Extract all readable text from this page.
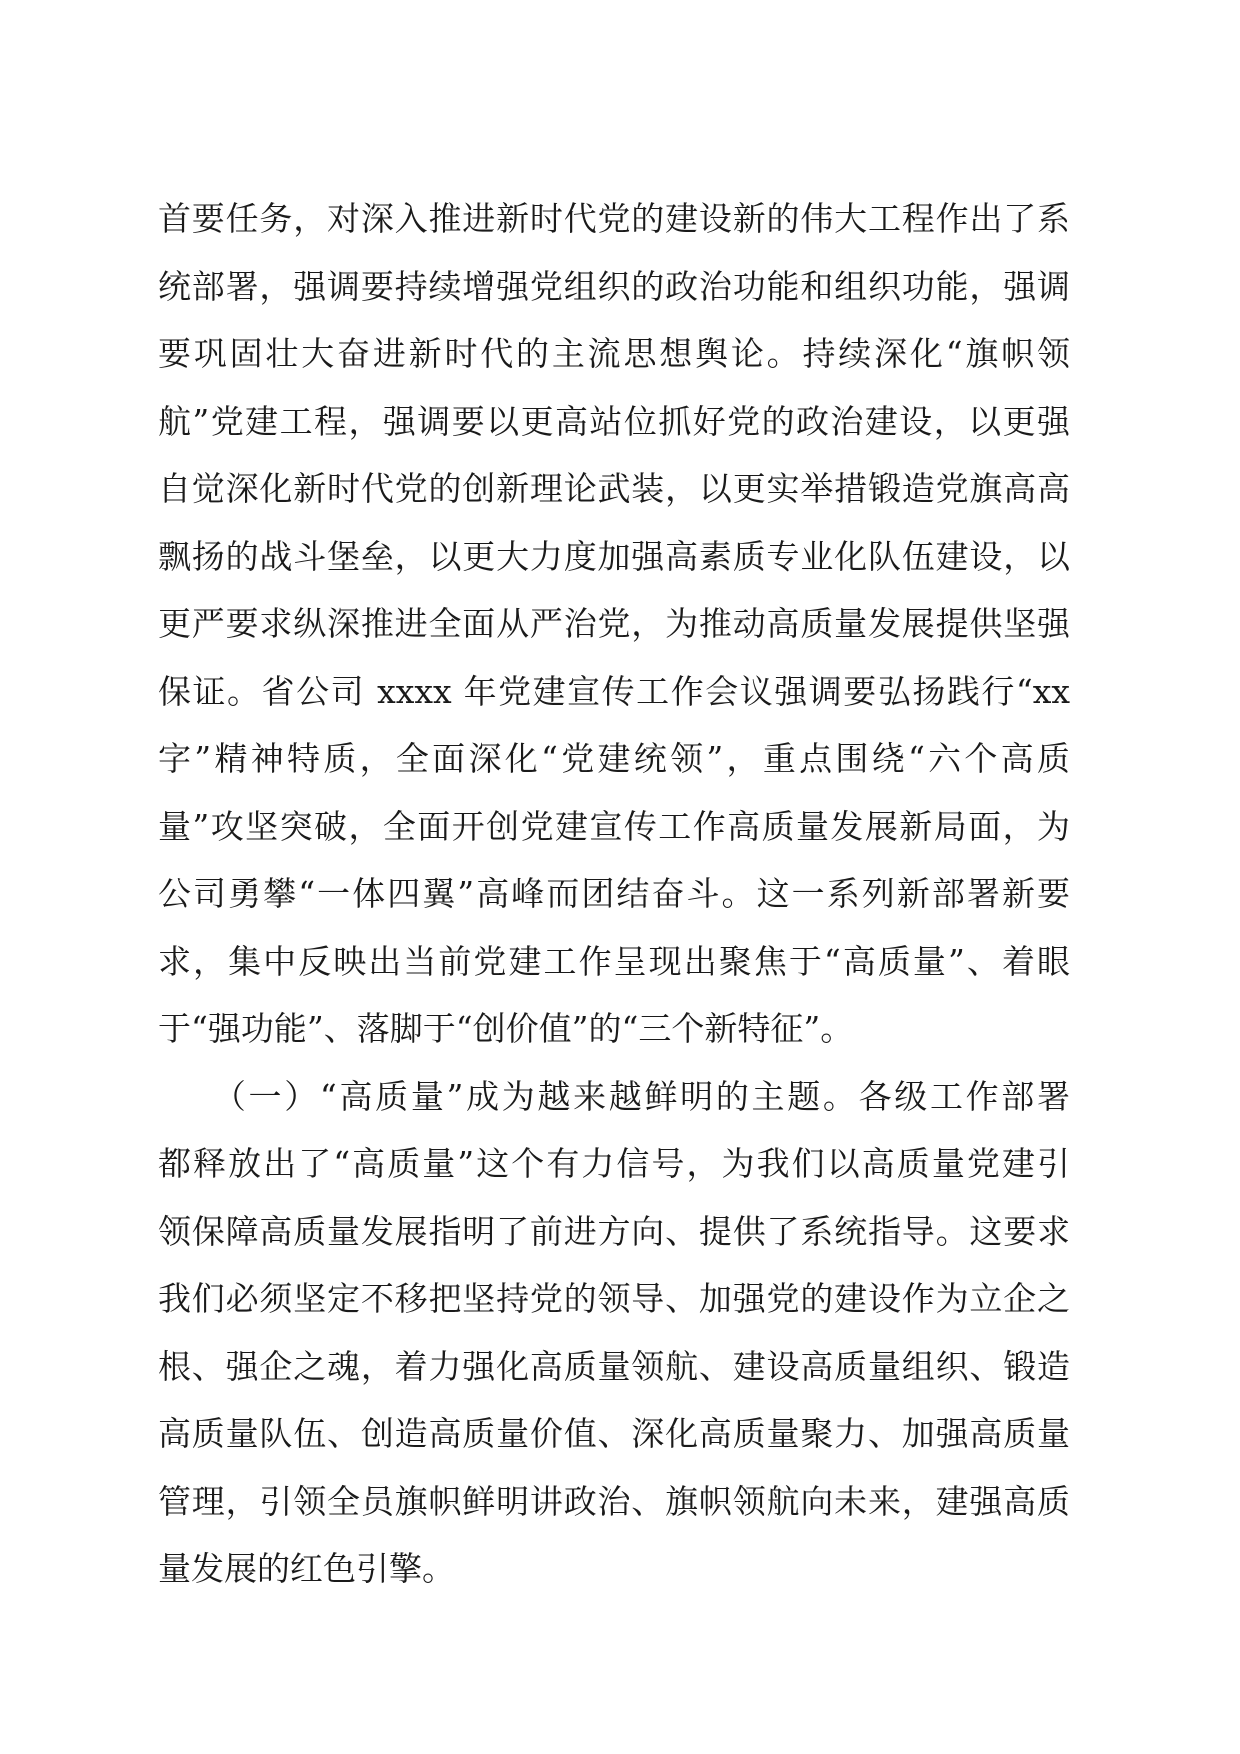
首要任务，对深入推进新时代党的建设新的伟大工程作出了系
统部署，强调要持续增强党组织的政治功能和组织功能，强调
要巩固壮大奋进新时代的主流思想舆论。持续深化“旗帜领
航”党建工程，强调要以更高站位抓好党的政治建设，以更强
自觉深化新时代党的创新理论武装，以更实举措锻造党旗高高
飘扬的战斗堡垒，以更大力度加强高素质专业化队伍建设，以
更严要求纵深推进全面从严治党，为推动高质量发展提供坚强
保证。省公司 xxxx 年党建宣传工作会议强调要弘扬践行“xx
字”精神特质，全面深化“党建统领”，重点围绕“六个高质
量”攻坚突破，全面开创党建宣传工作高质量发展新局面，为
公司勇攀“一体四翼”高峰而团结奋斗。这一系列新部署新要
求，集中反映出当前党建工作呈现出聚焦于“高质量”、着眼
于“强功能”、落脚于“创价值”的“三个新特征”。
　　（一）“高质量”成为越来越鲜明的主题。各级工作部署
都释放出了“高质量”这个有力信号，为我们以高质量党建引
领保障高质量发展指明了前进方向、提供了系统指导。这要求
我们必须坚定不移把坚持党的领导、加强党的建设作为立企之
根、强企之魂，着力强化高质量领航、建设高质量组织、锻造
高质量队伍、创造高质量价值、深化高质量聚力、加强高质量
管理，引领全员旗帜鲜明讲政治、旗帜领航向未来，建强高质
量发展的红色引擎。
